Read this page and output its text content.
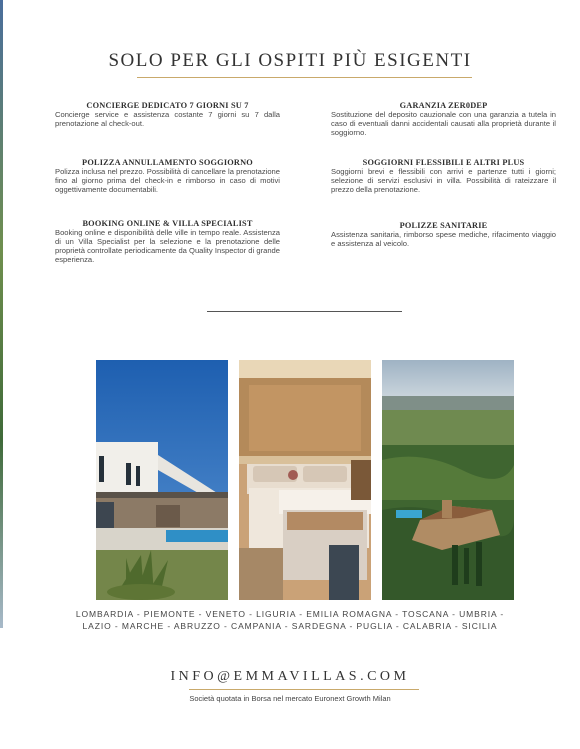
SOLO PER GLI OSPITI PIÙ ESIGENTI
CONCIERGE DEDICATO 7 GIORNI SU 7

Concierge service e assistenza costante 7 giorni su 7 dalla prenotazione al check-out.

POLIZZA ANNULLAMENTO SOGGIORNO

Polizza inclusa nel prezzo. Possibilità di cancellare la prenotazione fino al giorno prima del check-in e rimborso in caso di motivi oggettivamente documentabili.

BOOKING ONLINE & VILLA SPECIALIST

Booking online e disponibilità delle ville in tempo reale. Assistenza di un Villa Specialist per la selezione e la prenotazione delle proprietà controllate periodicamente da Quality Inspector di grande esperienza.

GARANZIA ZER0DEP

Sostituzione del deposito cauzionale con una garanzia a tutela in caso di eventuali danni accidentali causati alla proprietà durante il soggiorno.

SOGGIORNI FLESSIBILI E ALTRI PLUS

Soggiorni brevi e flessibili con arrivi e partenze tutti i giorni; selezione di servizi esclusivi in villa. Possibilità di rateizzare il prezzo della prenotazione.

POLIZZE SANITARIE

Assistenza sanitaria, rimborso spese mediche, rifacimento viaggio e assistenza al veicolo.

LOMBARDIA - PIEMONTE - VENETO - LIGURIA - EMILIA ROMAGNA - TOSCANA - UMBRIA -
LAZIO - MARCHE - ABRUZZO - CAMPANIA - SARDEGNA - PUGLIA - CALABRIA - SICILIA

INFO@EMMAVILLAS.COM

Società quotata in Borsa nel mercato Euronext Growth Milan
